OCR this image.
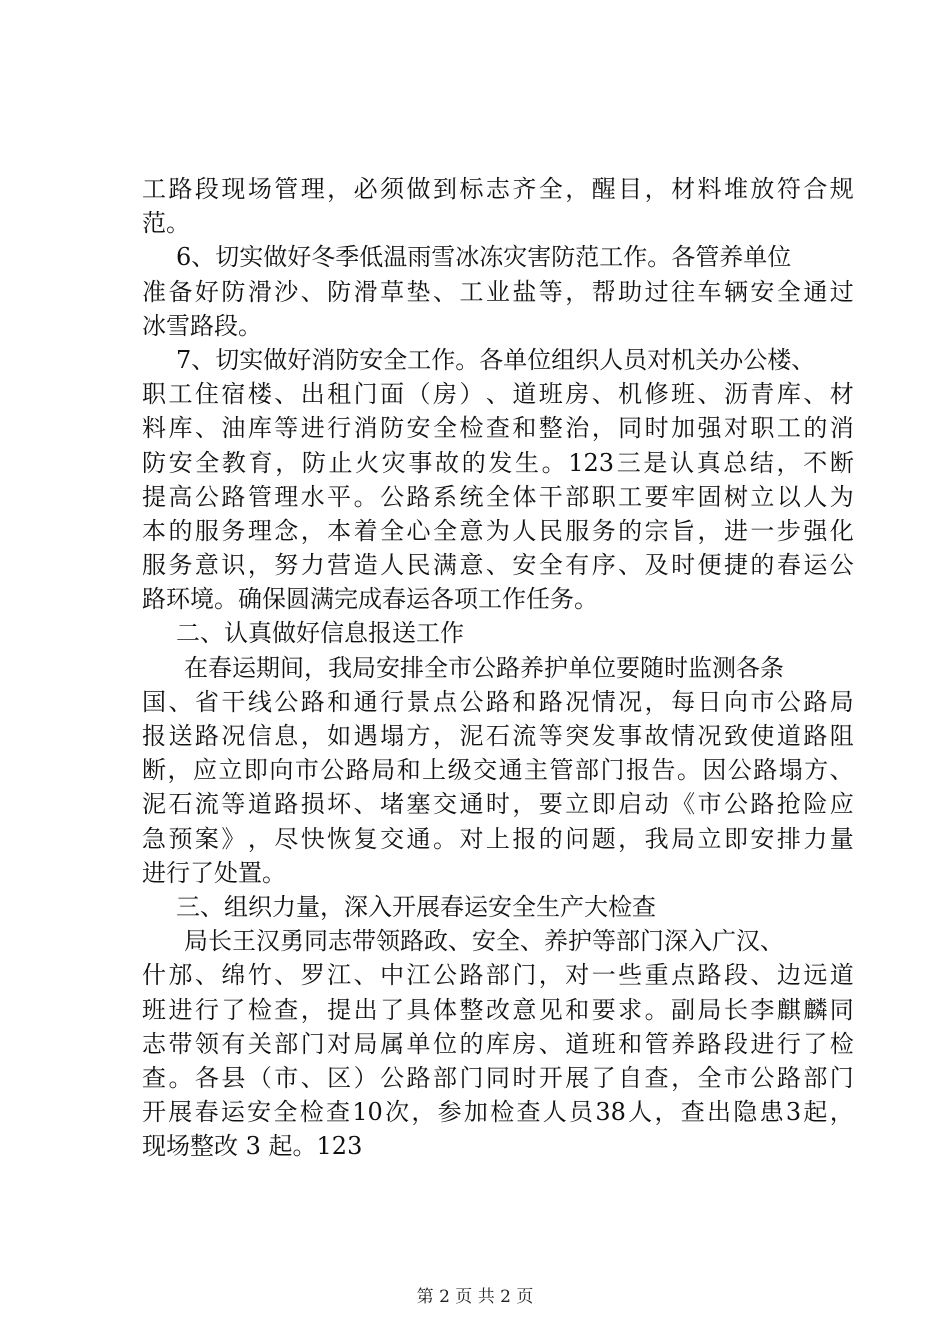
工 路 段 现 场 管 理 ， 必 须 做 到 标 志 齐 全 ， 醒 目 ， 材 料 堆 放 符 合 规
范。
6、切实做好冬季低温雨雪冰冻灾害防范工作。各管养单位
准 备 好 防 滑 沙 、 防 滑 草 垫 、 工 业 盐 等 ， 帮 助 过 往 车 辆 安 全 通 过
冰雪路段。
7、切实做好消防安全工作。各单位组织人员对机关办公楼、
职 工 住 宿 楼 、 出 租 门 面 （ 房 ） 、 道 班 房 、 机 修 班 、 沥 青 库 、 材
料 库 、 油 库 等 进 行 消 防 安 全 检 查 和 整 治 ， 同 时 加 强 对 职 工 的 消
防 安 全 教 育 ， 防 止 火 灾 事 故 的 发 生 。 123 三 是 认 真 总 结 ， 不 断
提 高 公 路 管 理 水 平 。 公 路 系 统 全 体 干 部 职 工 要 牢 固 树 立 以 人 为
本 的 服 务 理 念 ， 本 着 全 心 全 意 为 人 民 服 务 的 宗 旨 ， 进 一 步 强 化
服 务 意 识 ， 努 力 营 造 人 民 满 意 、 安 全 有 序 、 及 时 便 捷 的 春 运 公
路环境。确保圆满完成春运各项工作任务。
二、认真做好信息报送工作
在春运期间，我局安排全市公路养护单位要随时监测各条
国 、 省 干 线 公 路 和 通 行 景 点 公 路 和 路 况 情 况 ， 每 日 向 市 公 路 局
报 送 路 况 信 息 ， 如 遇 塌 方 ， 泥 石 流 等 突 发 事 故 情 况 致 使 道 路 阻
断 ， 应 立 即 向 市 公 路 局 和 上 级 交 通 主 管 部 门 报 告 。 因 公 路 塌 方 、
泥 石 流 等 道 路 损 坏 、 堵 塞 交 通 时 ， 要 立 即 启 动 《 市 公 路 抢 险 应
急 预 案 》 ， 尽 快 恢 复 交 通 。 对 上 报 的 问 题 ， 我 局 立 即 安 排 力 量
进行了处置。
三、组织力量，深入开展春运安全生产大检查
局长王汉勇同志带领路政、安全、养护等部门深入广汉、
什 邡 、 绵 竹 、 罗 江 、 中 江 公 路 部 门 ， 对 一 些 重 点 路 段 、 边 远 道
班 进 行 了 检 查 ， 提 出 了 具 体 整 改 意 见 和 要 求 。 副 局 长 李 麒 麟 同
志 带 领 有 关 部 门 对 局 属 单 位 的 库 房 、 道 班 和 管 养 路 段 进 行 了 检
查 。 各 县 （ 市 、 区 ） 公 路 部 门 同 时 开 展 了 自 查 ， 全 市 公 路 部 门
开 展 春 运 安 全 检 查 10 次 ， 参 加 检 查 人 员 38 人 ， 查 出 隐 患 3 起 ，
现场整改 3 起。123
第 2 页 共 2 页
